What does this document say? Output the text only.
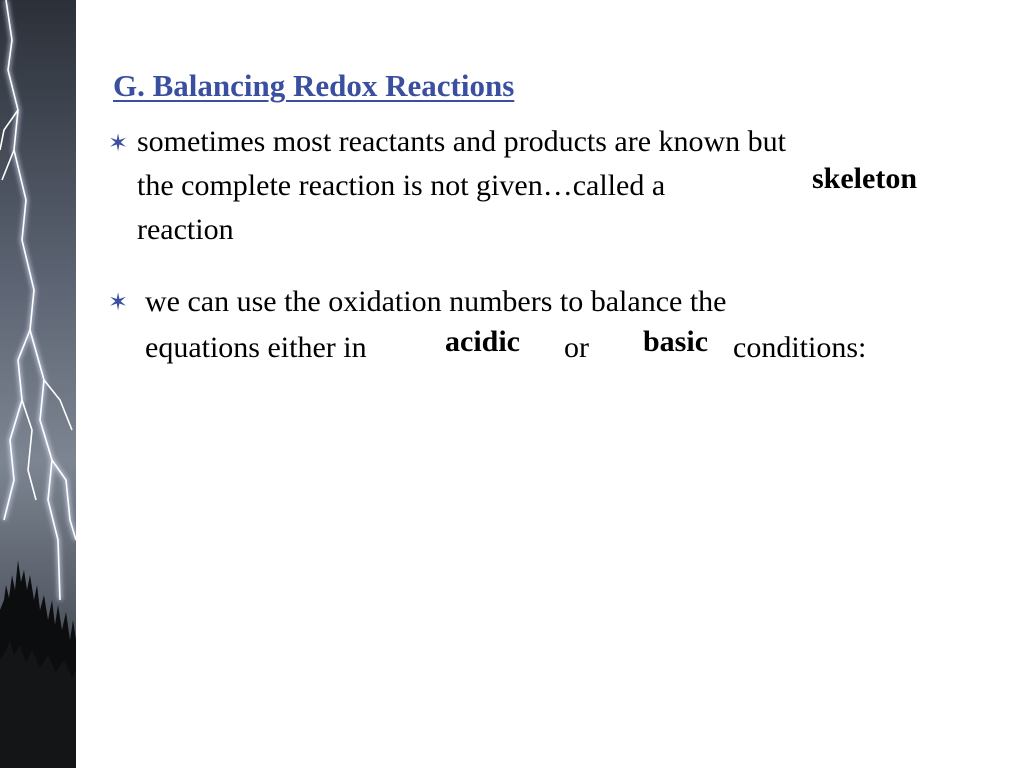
G. Balancing Redox Reactions
✶ sometimes most reactants and products are known but
the complete reaction is not given…called a
reaction
skeleton
✶ we can use the oxidation numbers to balance the
equations either in	or	conditions:
acidic	basic
